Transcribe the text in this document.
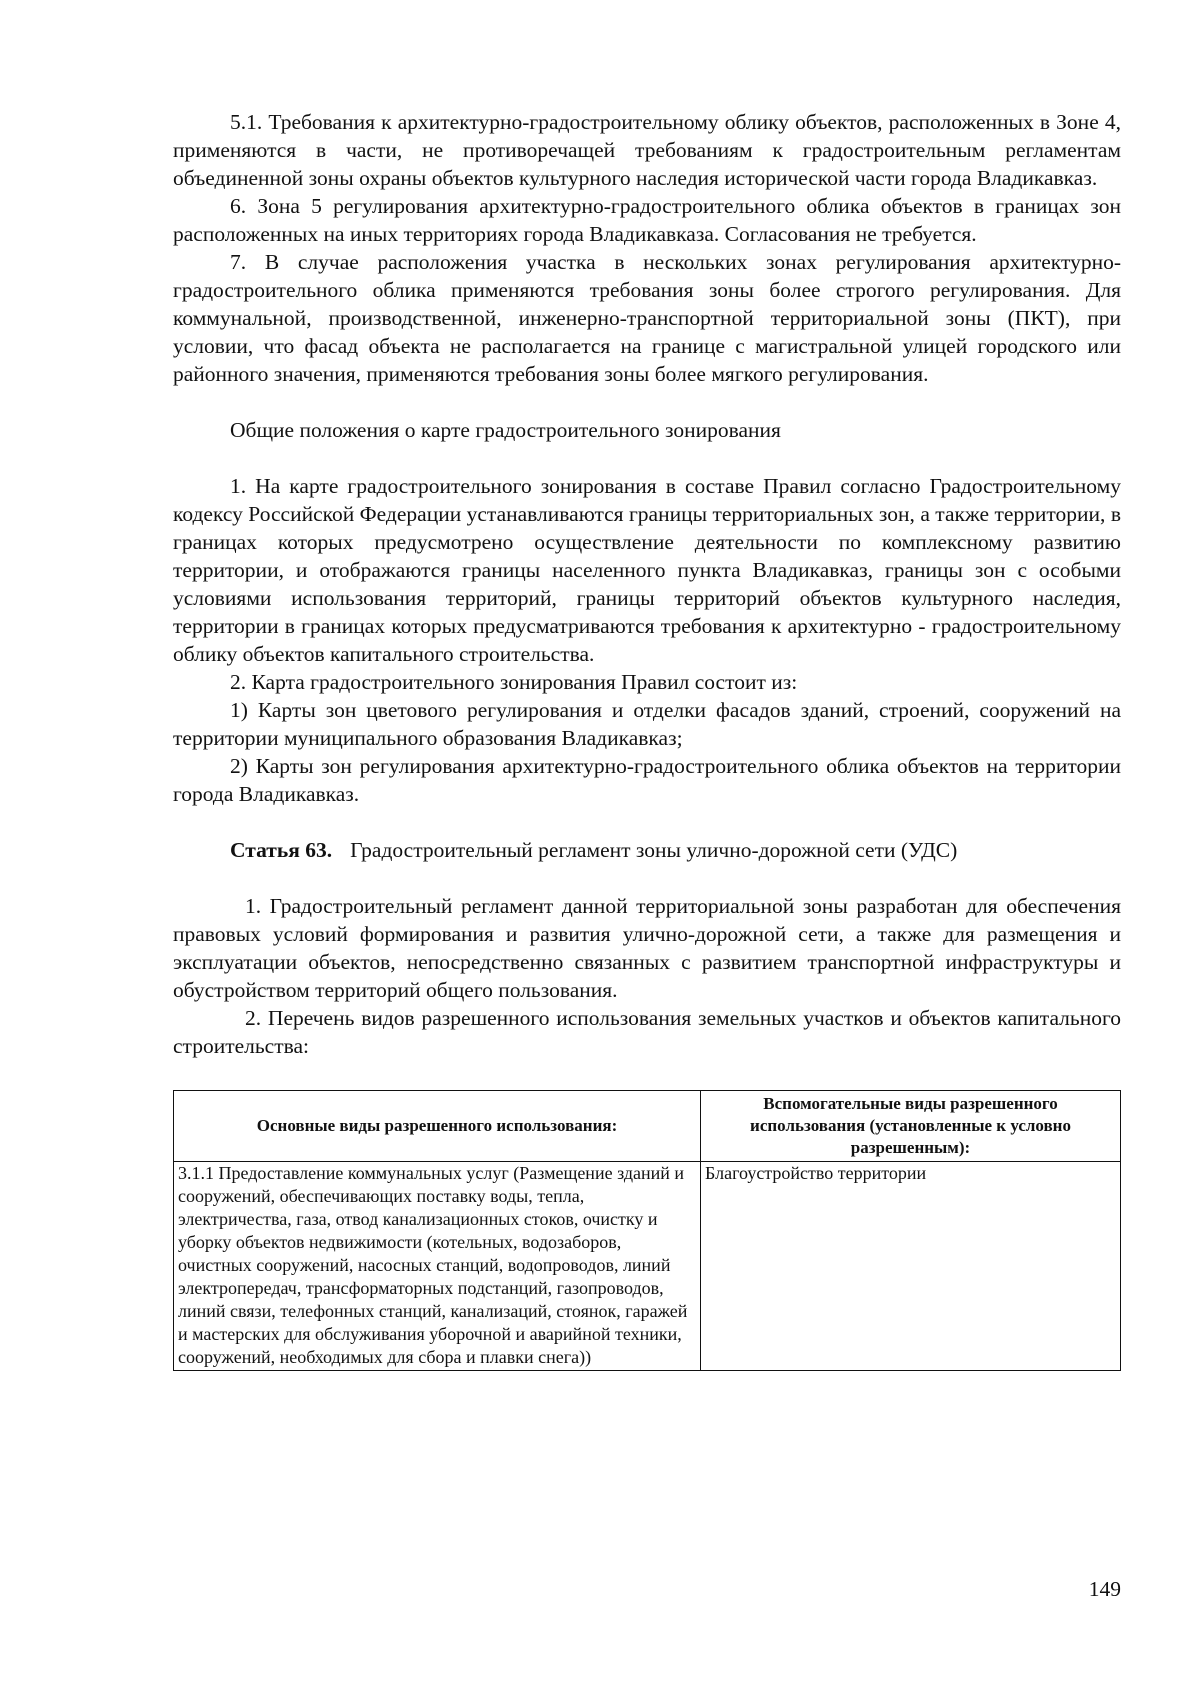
5.1. Требования к архитектурно-градостроительному облику объектов, расположенных в Зоне 4, применяются в части, не противоречащей требованиям к градостроительным регламентам объединенной зоны охраны объектов культурного наследия исторической части города Владикавказ.

6. Зона 5 регулирования архитектурно-градостроительного облика объектов в границах зон расположенных на иных территориях города Владикавказа. Согласования не требуется.

7. В случае расположения участка в нескольких зонах регулирования архитектурно-градостроительного облика применяются требования зоны более строгого регулирования. Для коммунальной, производственной, инженерно-транспортной территориальной зоны (ПКТ), при условии, что фасад объекта не располагается на границе с магистральной улицей городского или районного значения, применяются требования зоны более мягкого регулирования.

Общие положения о карте градостроительного зонирования

1. На карте градостроительного зонирования в составе Правил согласно Градостроительному кодексу Российской Федерации устанавливаются границы территориальных зон, а также территории, в границах которых предусмотрено осуществление деятельности по комплексному развитию территории, и отображаются границы населенного пункта Владикавказ, границы зон с особыми условиями использования территорий, границы территорий объектов культурного наследия, территории в границах которых предусматриваются требования к архитектурно - градостроительному облику объектов капитального строительства.

2. Карта градостроительного зонирования Правил состоит из:

1) Карты зон цветового регулирования и отделки фасадов зданий, строений, сооружений на территории муниципального образования Владикавказ;

2) Карты зон регулирования архитектурно-градостроительного облика объектов на территории города Владикавказ.

Статья 63. Градостроительный регламент зоны улично-дорожной сети (УДС)

1. Градостроительный регламент данной территориальной зоны разработан для обеспечения правовых условий формирования и развития улично-дорожной сети, а также для размещения и эксплуатации объектов, непосредственно связанных с развитием транспортной инфраструктуры и обустройством территорий общего пользования.

2. Перечень видов разрешенного использования земельных участков и объектов капитального строительства:

Основные виды разрешенного использования:	Вспомогательные виды разрешенного использования (установленные к условно разрешенным):
3.1.1 Предоставление коммунальных услуг (Размещение зданий и сооружений, обеспечивающих поставку воды, тепла, электричества, газа, отвод канализационных стоков, очистку и уборку объектов недвижимости (котельных, водозаборов, очистных сооружений, насосных станций, водопроводов, линий электропередач, трансформаторных подстанций, газопроводов, линий связи, телефонных станций, канализаций, стоянок, гаражей и мастерских для обслуживания уборочной и аварийной техники, сооружений, необходимых для сбора и плавки снега))	Благоустройство территории
149
